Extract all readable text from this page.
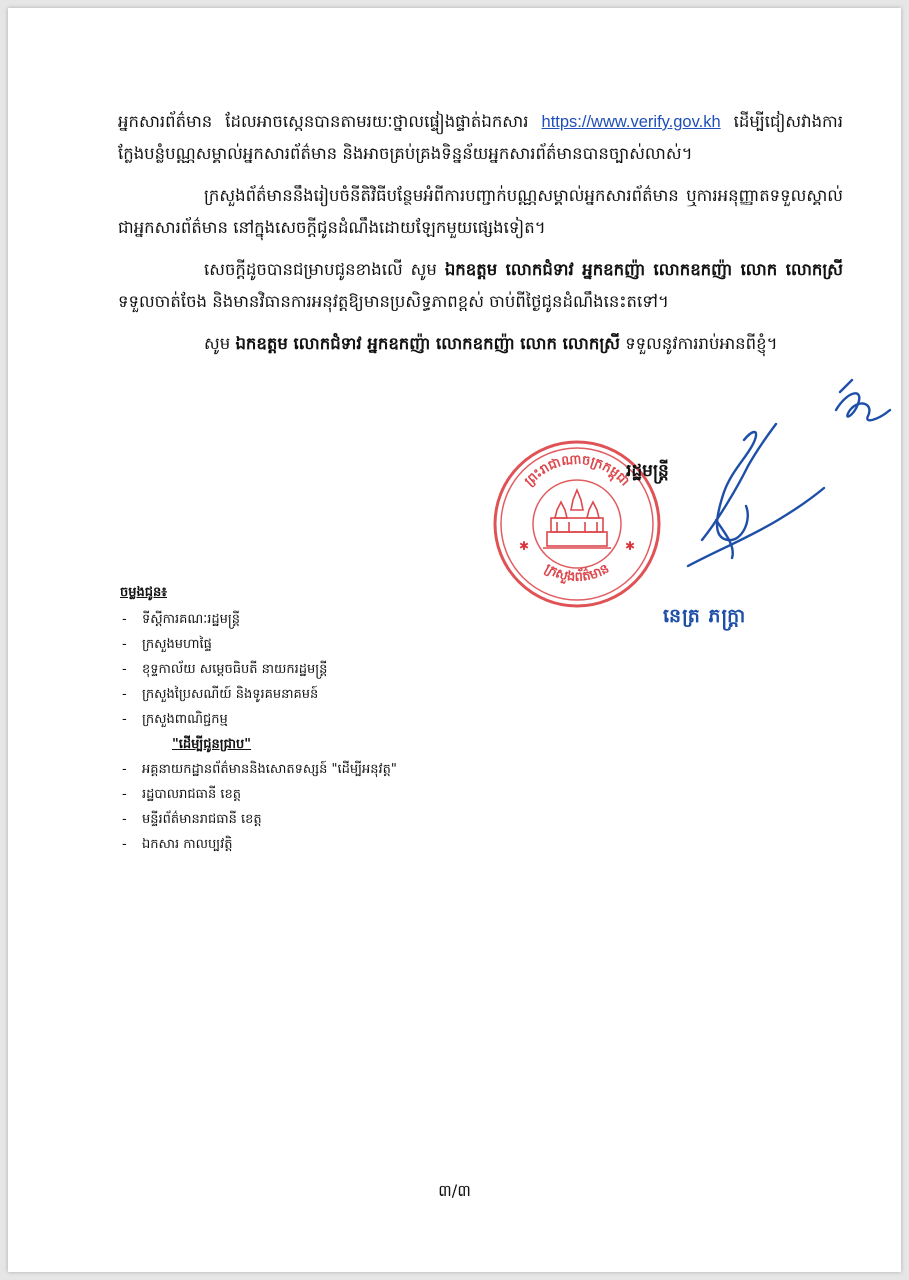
អ្នកសារព័ត៌មាន ដែលអាចស្កេនបានតាមរយៈថ្នាលផ្ទៀងផ្ទាត់ឯកសារ https://www.verify.gov.kh ដើម្បីជៀសវាងការក្លែងបន្លំបណ្ណសម្គាល់អ្នកសារព័ត៌មាន និងអាចគ្រប់គ្រងទិន្នន័យអ្នកសារព័ត៌មានបានច្បាស់លាស់។

ក្រសួងព័ត៌មាននឹងរៀបចំនីតិវិធីបន្ថែមអំពីការបញ្ជាក់បណ្ណសម្គាល់អ្នកសារព័ត៌មាន ឬការអនុញ្ញាតទទួលស្គាល់ជាអ្នកសារព័ត៌មាន នៅក្នុងសេចក្តីជូនដំណឹងដោយឡែកមួយផ្សេងទៀត។

សេចក្តីដូចបានជម្រាបជូនខាងលើ សូម ឯកឧត្តម លោកជំទាវ អ្នកឧកញ៉ា លោកឧកញ៉ា លោក លោកស្រី ទទួលចាត់ចែង និងមានវិធានការអនុវត្តឱ្យមានប្រសិទ្ធភាពខ្ពស់ ចាប់ពីថ្ងៃជូនដំណឹងនេះតទៅ។

សូម ឯកឧត្តម លោកជំទាវ អ្នកឧកញ៉ា លោកឧកញ៉ា លោក លោកស្រី ទទួលនូវការរាប់អានពីខ្ញុំ។

ព្រះរាជាណាចក្រកម្ពុជា
ក្រសួងព័ត៌មាន
✱	✱
រដ្ឋមន្ត្រី
នេត្រ ភក្ត្រា
ចម្លងជូន៖
- ទីស្តីការគណៈរដ្ឋមន្ត្រី
- ក្រសួងមហាផ្ទៃ
- ខុទ្ទកាល័យ សម្តេចធិបតី នាយករដ្ឋមន្ត្រី
- ក្រសួងប្រៃសណីយ៍ និងទូរគមនាគមន៍
- ក្រសួងពាណិជ្ជកម្ម
"ដើម្បីជូនជ្រាប"
- អគ្គនាយកដ្ឋានព័ត៌មាននិងសោតទស្សន៍ "ដើម្បីអនុវត្ត"
- រដ្ឋបាលរាជធានី ខេត្ត
- មន្ទីរព័ត៌មានរាជធានី ខេត្ត
- ឯកសារ កាលប្បវត្តិ
៣/៣
